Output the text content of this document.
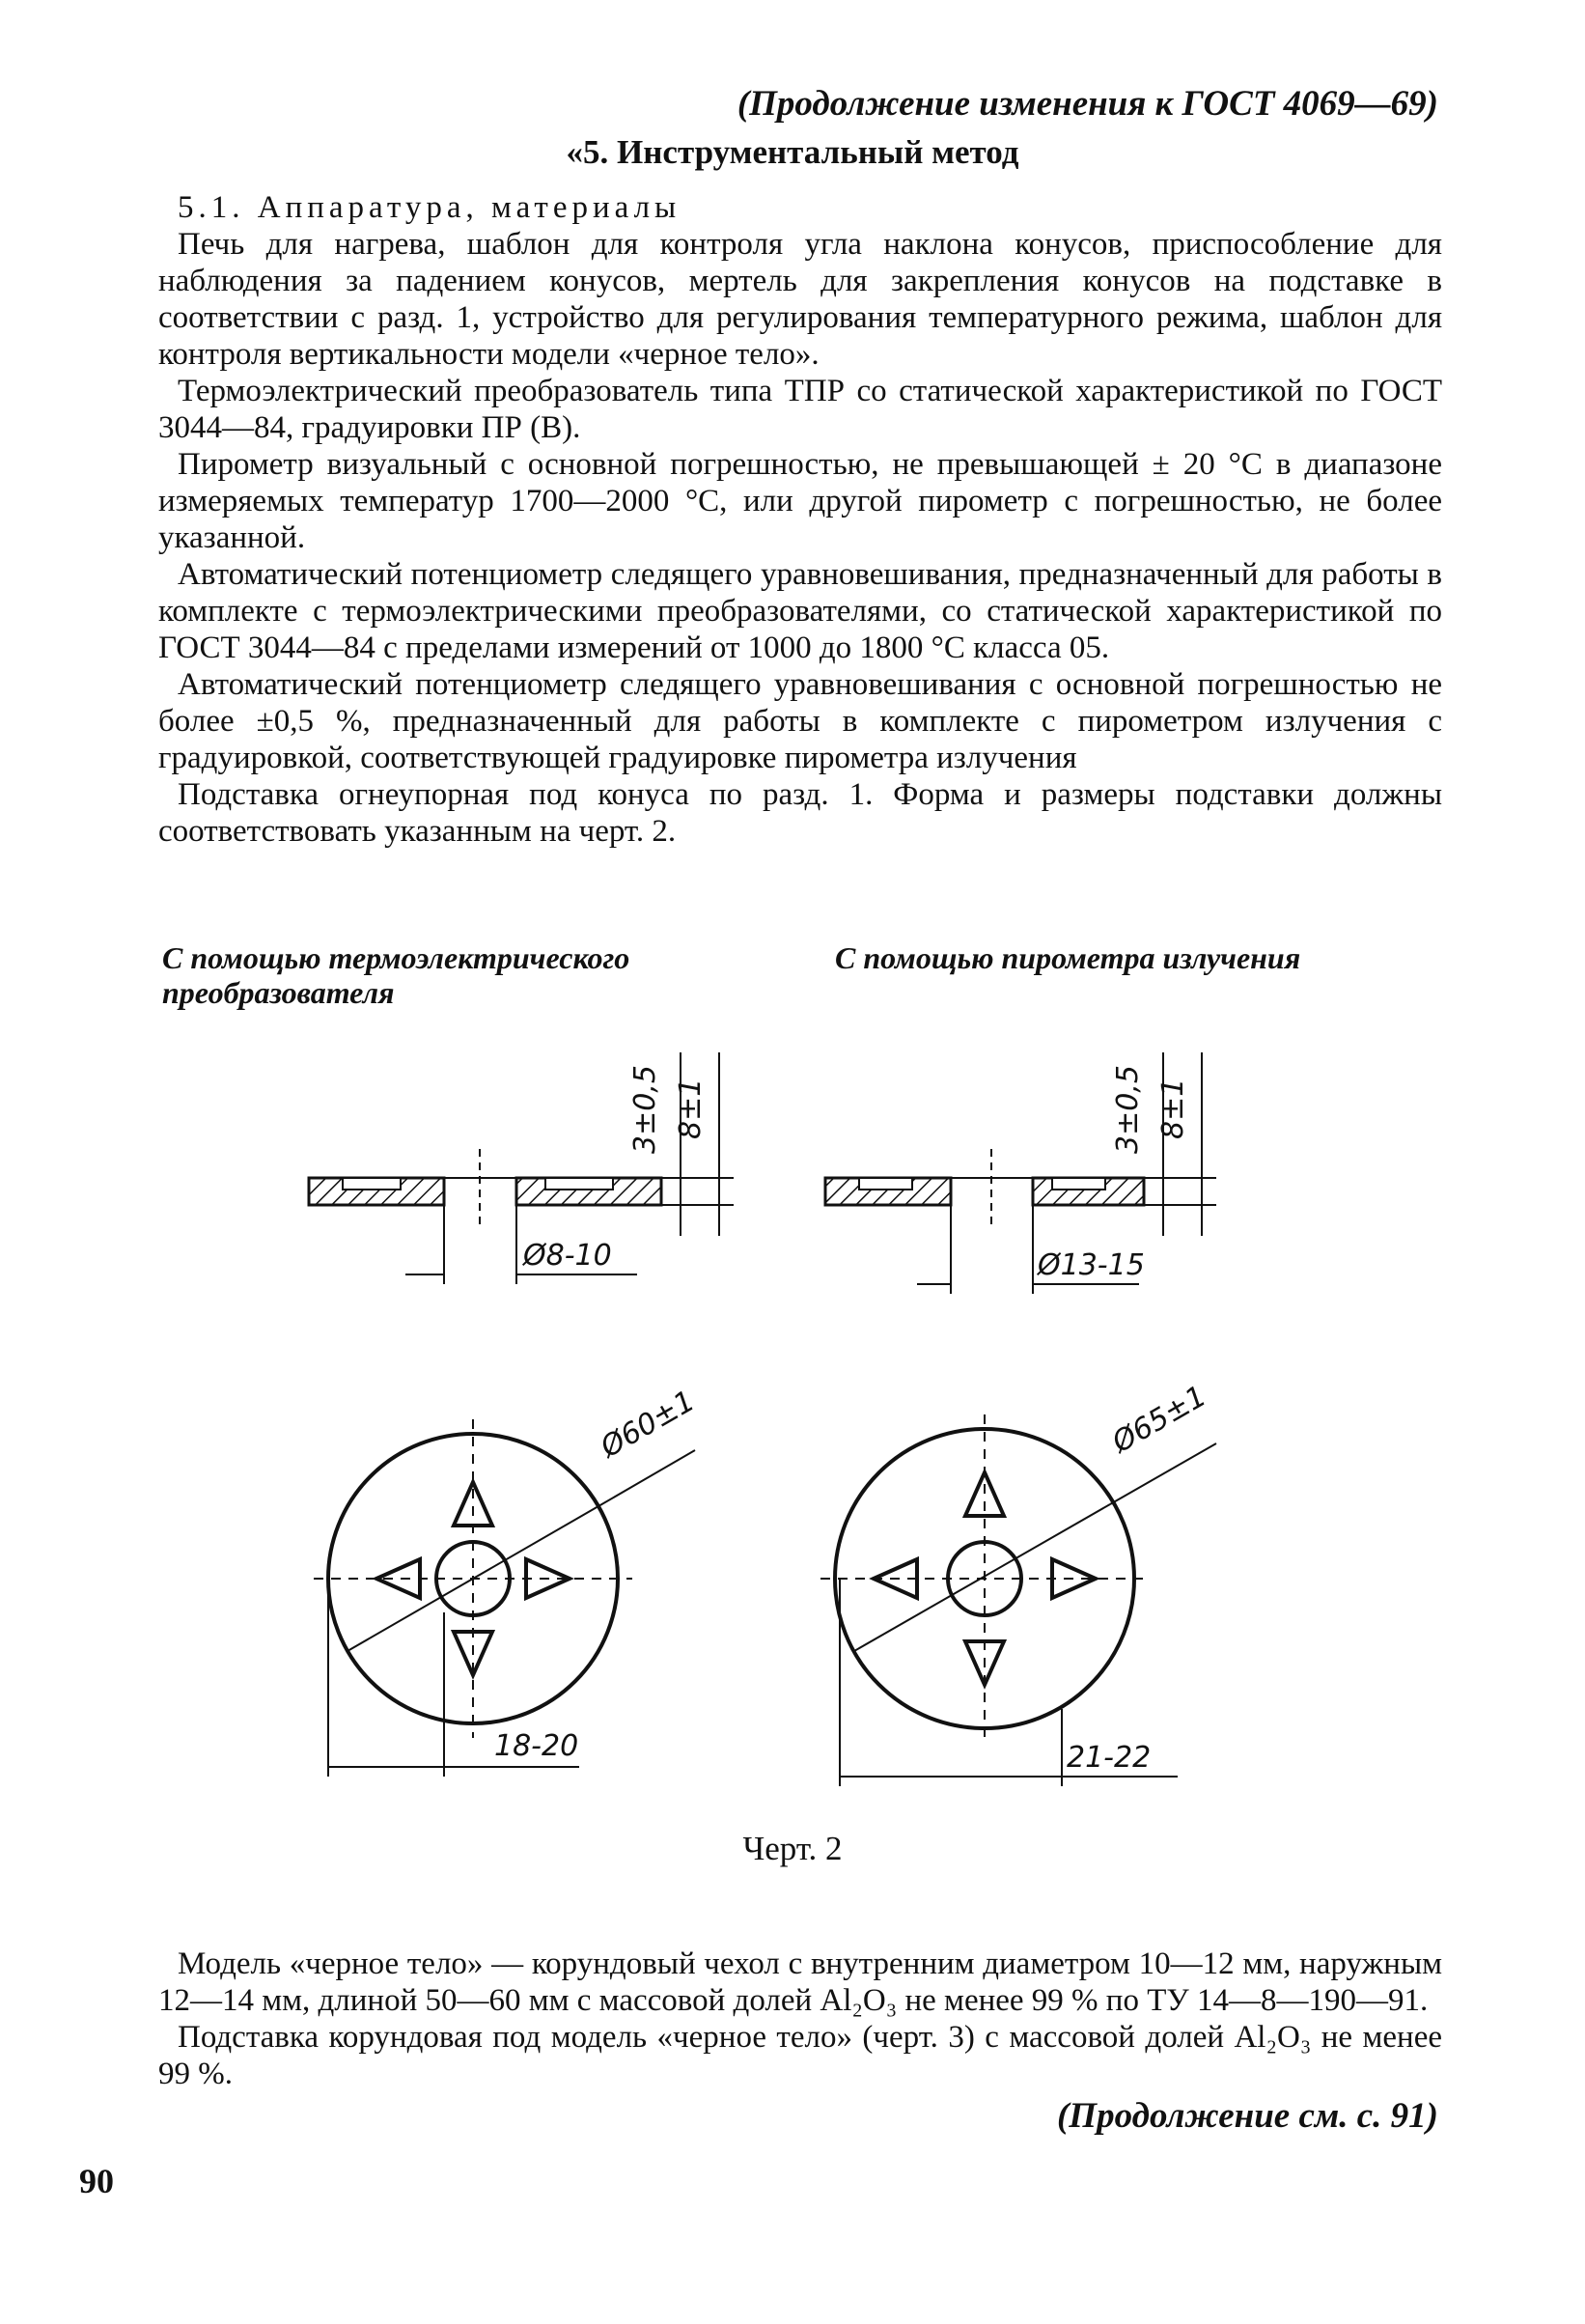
(Продолжение изменения к ГОСТ 4069—69)
«5. Инструментальный метод

5.1. Аппаратура, материалы

Печь для нагрева, шаблон для контроля угла наклона конусов, приспособление для наблюдения за падением конусов, мертель для закрепления конусов на подставке в соответствии с разд. 1, устройство для регулирования температурного режима, шаблон для контроля вертикальности модели «черное тело».

Термоэлектрический преобразователь типа ТПР со статической характеристикой по ГОСТ 3044—84, градуировки ПР (В).

Пирометр визуальный с основной погрешностью, не превышающей ± 20 °С в диапазоне измеряемых температур 1700—2000 °С, или другой пирометр с погрешностью, не более указанной.

Автоматический потенциометр следящего уравновешивания, предназначенный для работы в комплекте с термоэлектрическими преобразователями, со статической характеристикой по ГОСТ 3044—84 с пределами измерений от 1000 до 1800 °С класса 05.

Автоматический потенциометр следящего уравновешивания с основной погрешностью не более ±0,5 %, предназначенный для работы в комплекте с пирометром излучения с градуировкой, соответствующей градуировке пирометра излучения

Подставка огнеупорная под конуса по разд. 1. Форма и размеры подставки должны соответствовать указанным на черт. 2.

С помощью термоэлектрического преобразователя
С помощью пирометра излучения
3±0,5 8±1
Ø8-10
3±0,5 8±1
Ø13-15
Ø60±1
18-20
Ø65±1
21-22
Черт. 2

Модель «черное тело» — корундовый чехол с внутренним диаметром 10—12 мм, наружным 12—14 мм, длиной 50—60 мм с массовой долей Al₂O₃ не менее 99 % по ТУ 14—8—190—91.

Подставка корундовая под модель «черное тело» (черт. 3) с массовой долей Al₂O₃ не менее 99 %.

(Продолжение см. с. 91)
90
